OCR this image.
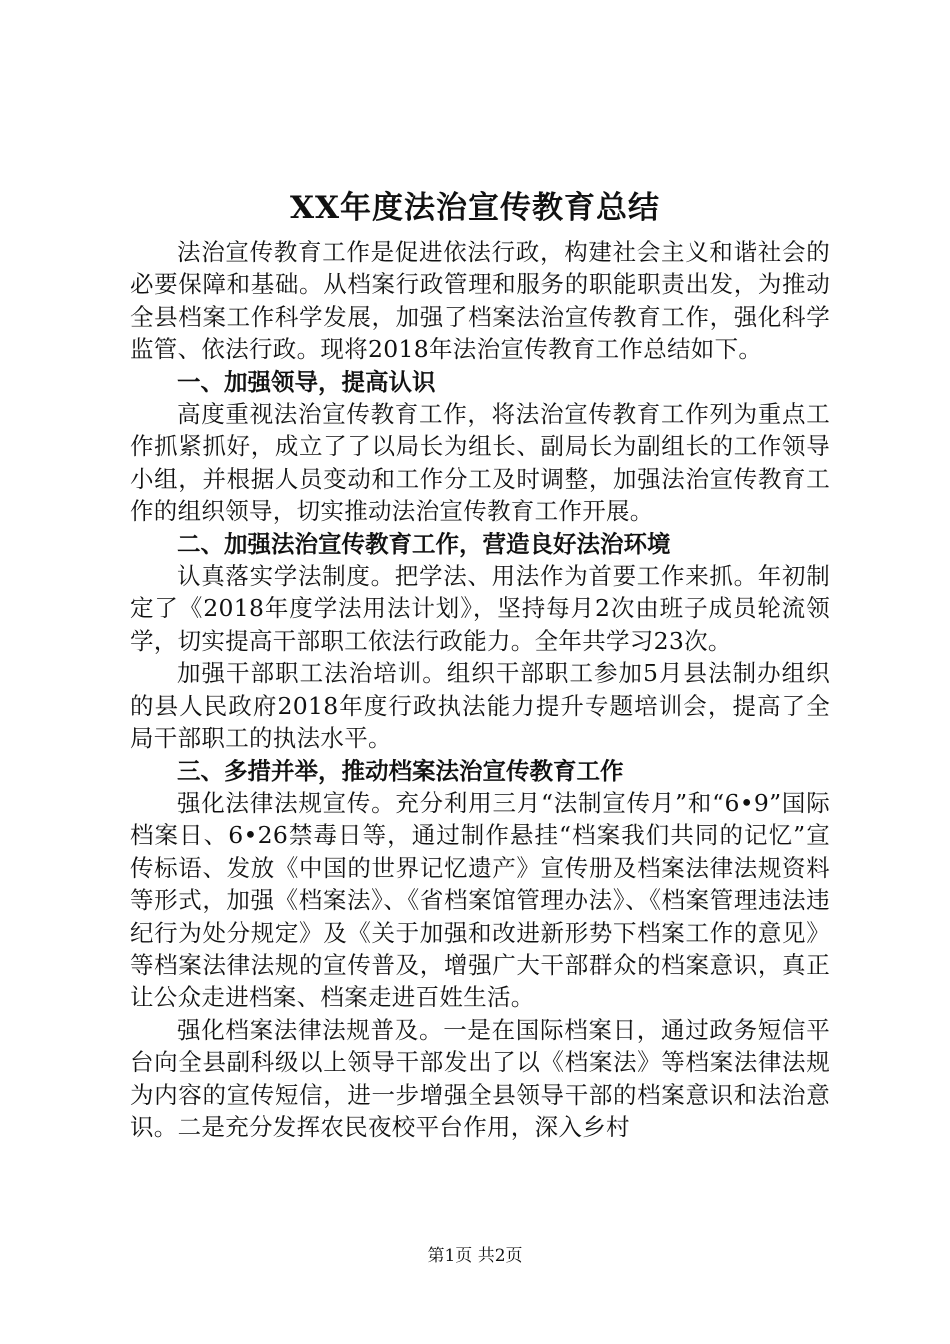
XX年度法治宣传教育总结

法治宣传教育工作是促进依法行政，构建社会主义和谐社会的必要保障和基础。从档案行政管理和服务的职能职责出发，为推动全县档案工作科学发展，加强了档案法治宣传教育工作，强化科学监管、依法行政。现将2018年法治宣传教育工作总结如下。

一、加强领导，提高认识

高度重视法治宣传教育工作，将法治宣传教育工作列为重点工作抓紧抓好，成立了了以局长为组长、副局长为副组长的工作领导小组，并根据人员变动和工作分工及时调整，加强法治宣传教育工作的组织领导，切实推动法治宣传教育工作开展。

二、加强法治宣传教育工作，营造良好法治环境

认真落实学法制度。把学法、用法作为首要工作来抓。年初制定了《2018年度学法用法计划》，坚持每月2次由班子成员轮流领学，切实提高干部职工依法行政能力。全年共学习23次。

加强干部职工法治培训。组织干部职工参加5月县法制办组织的县人民政府2018年度行政执法能力提升专题培训会，提高了全局干部职工的执法水平。

三、多措并举，推动档案法治宣传教育工作

强化法律法规宣传。充分利用三月“法制宣传月”和“6•9”国际档案日、6•26禁毒日等，通过制作悬挂“档案我们共同的记忆”宣传标语、发放《中国的世界记忆遗产》宣传册及档案法律法规资料等形式，加强《档案法》、《省档案馆管理办法》、《档案管理违法违纪行为处分规定》及《关于加强和改进新形势下档案工作的意见》等档案法律法规的宣传普及，增强广大干部群众的档案意识，真正让公众走进档案、档案走进百姓生活。

强化档案法律法规普及。一是在国际档案日，通过政务短信平台向全县副科级以上领导干部发出了以《档案法》等档案法律法规为内容的宣传短信，进一步增强全县领导干部的档案意识和法治意识。二是充分发挥农民夜校平台作用，深入乡村

第1页 共2页
